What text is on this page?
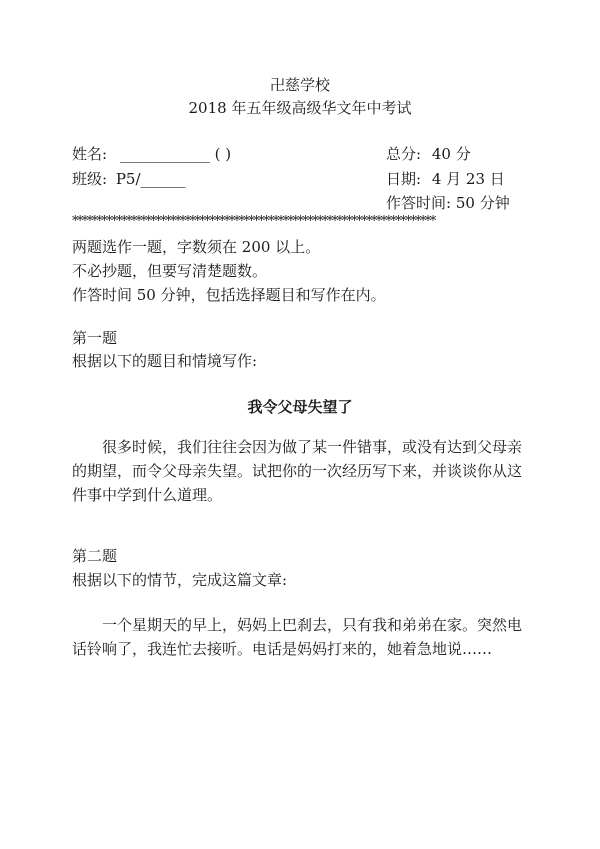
卍慈学校
2018 年五年级高级华文年中考试
姓名: ____________ ( )	总分: 40 分
班级: P5/______	日期: 4 月 23 日
作答时间: 50 分钟
**************************************************************************
两题选作一题，字数须在 200 以上。
不必抄题，但要写清楚题数。
作答时间 50 分钟，包括选择题目和写作在内。
第一题
根据以下的题目和情境写作:
我令父母失望了
很多时候，我们往往会因为做了某一件错事，或没有达到父母亲的期望，而令父母亲失望。试把你的一次经历写下来，并谈谈你从这件事中学到什么道理。
第二题
根据以下的情节，完成这篇文章:
一个星期天的早上，妈妈上巴刹去，只有我和弟弟在家。突然电话铃响了，我连忙去接听。电话是妈妈打来的，她着急地说……
